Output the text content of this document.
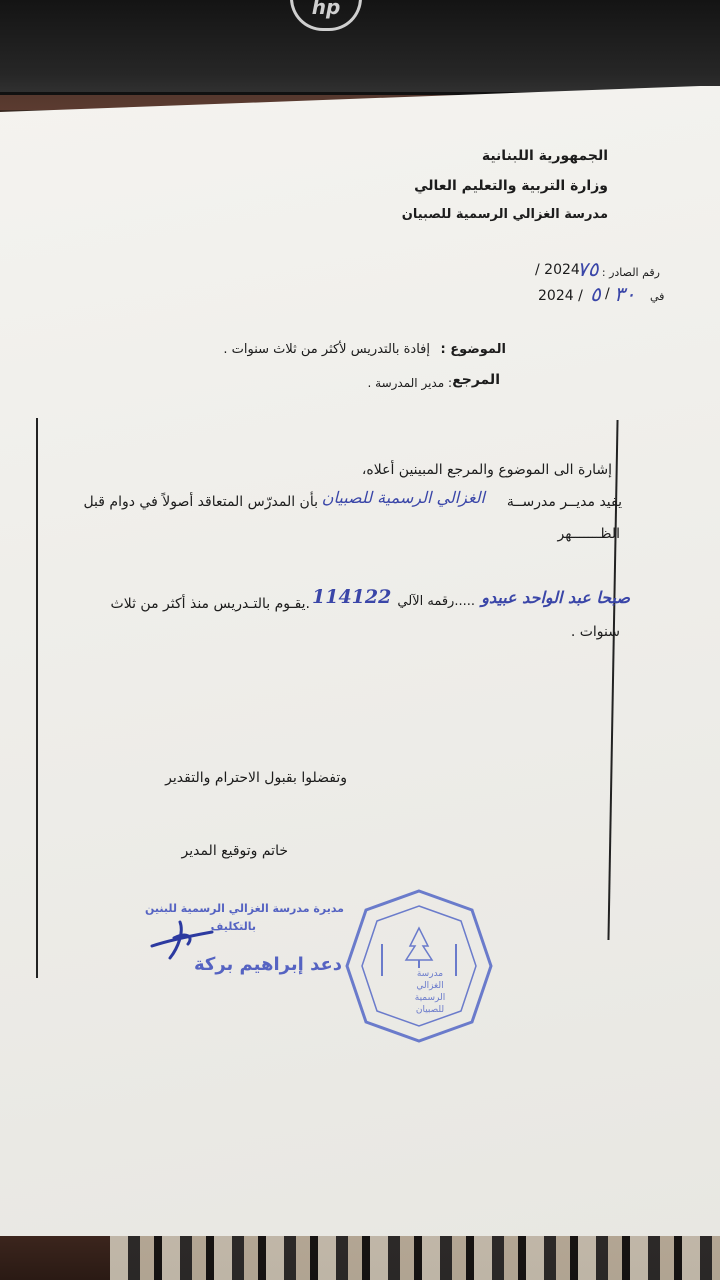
hp
الجمهورية اللبنانية
وزارة التربية والتعليم العالي
مدرسة الغزالي الرسمية للصبيان
رقم الصادر :
٧٥
/ 2024
في
٣٠
/
٥
2024 /
الموضوع :
إفادة بالتدريس لأكثر من ثلاث سنوات .
المرجع
: مدير المدرسة .
إشارة الى الموضوع والمرجع المبينين أعلاه،
يفيد مديــر مدرســة
الغزالي الرسمية للصبيان
بأن المدرّس المتعاقد أصولاً في دوام قبل
الظـــــــهر
صبحا عبد الواحد عبيدو
.....رقمه الآلي
114122
.يقـوم بالتـدريس منذ أكثر من ثلاث
سنوات .
وتفضلوا بقبول الاحترام والتقدير
خاتم وتوقيع المدير
مديرة مدرسة الغزالي الرسمية للبنين
بالتكليف
دعد إبراهيم بركة	مدرسة الغزالي الرسمية للصبيان
